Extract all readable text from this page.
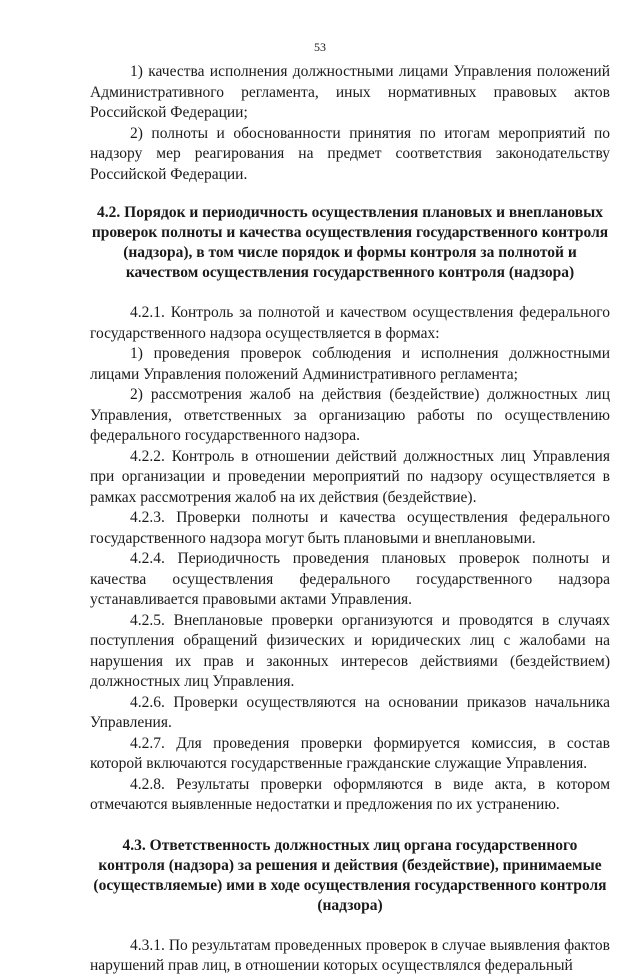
53

1) качества исполнения должностными лицами Управления положений Административного регламента, иных нормативных правовых актов Российской Федерации;

2) полноты и обоснованности принятия по итогам мероприятий по надзору мер реагирования на предмет соответствия законодательству Российской Федерации.

4.2. Порядок и периодичность осуществления плановых и внеплановых проверок полноты и качества осуществления государственного контроля (надзора), в том числе порядок и формы контроля за полнотой и качеством осуществления государственного контроля (надзора)

4.2.1. Контроль за полнотой и качеством осуществления федерального государственного надзора осуществляется в формах:

1) проведения проверок соблюдения и исполнения должностными лицами Управления положений Административного регламента;

2) рассмотрения жалоб на действия (бездействие) должностных лиц Управления, ответственных за организацию работы по осуществлению федерального государственного надзора.

4.2.2. Контроль в отношении действий должностных лиц Управления при организации и проведении мероприятий по надзору осуществляется в рамках рассмотрения жалоб на их действия (бездействие).

4.2.3. Проверки полноты и качества осуществления федерального государственного надзора могут быть плановыми и внеплановыми.

4.2.4. Периодичность проведения плановых проверок полноты и качества осуществления федерального государственного надзора устанавливается правовыми актами Управления.

4.2.5. Внеплановые проверки организуются и проводятся в случаях поступления обращений физических и юридических лиц с жалобами на нарушения их прав и законных интересов действиями (бездействием) должностных лиц Управления.

4.2.6. Проверки осуществляются на основании приказов начальника Управления.

4.2.7. Для проведения проверки формируется комиссия, в состав которой включаются государственные гражданские служащие Управления.

4.2.8. Результаты проверки оформляются в виде акта, в котором отмечаются выявленные недостатки и предложения по их устранению.

4.3. Ответственность должностных лиц органа государственного контроля (надзора) за решения и действия (бездействие), принимаемые (осуществляемые) ими в ходе осуществления государственного контроля (надзора)

4.3.1. По результатам проведенных проверок в случае выявления фактов нарушений прав лиц, в отношении которых осуществлялся федеральный
